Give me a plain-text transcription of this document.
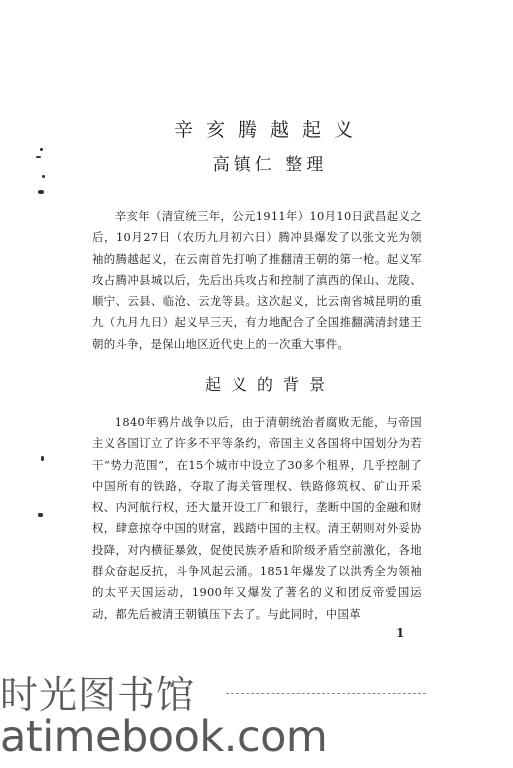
辛亥腾越起义
高镇仁 整理

辛亥年（清宣统三年，公元1911年）10月10日武昌起义之后，10月27日（农历九月初六日）腾冲县爆发了以张文光为领袖的腾越起义，在云南首先打响了推翻清王朝的第一枪。起义军攻占腾冲县城以后，先后出兵攻占和控制了滇西的保山、龙陵、顺宁、云县、临沧、云龙等县。这次起义，比云南省城昆明的重九（九月九日）起义早三天，有力地配合了全国推翻满清封建王朝的斗争，是保山地区近代史上的一次重大事件。

起义的背景

1840年鸦片战争以后，由于清朝统治者腐败无能，与帝国主义各国订立了许多不平等条约，帝国主义各国将中国划分为若干“势力范围”，在15个城市中设立了30多个租界，几乎控制了中国所有的铁路，夺取了海关管理权、铁路修筑权、矿山开采权、内河航行权，还大量开设工厂和银行，垄断中国的金融和财权，肆意掠夺中国的财富，践踏中国的主权。清王朝则对外妥协投降，对内横征暴敛，促使民族矛盾和阶级矛盾空前激化，各地群众奋起反抗，斗争风起云涌。1851年爆发了以洪秀全为领袖的太平天国运动，1900年又爆发了著名的义和团反帝爱国运动，都先后被清王朝镇压下去了。与此同时，中国革

1
时光图书馆
atimebook.com
